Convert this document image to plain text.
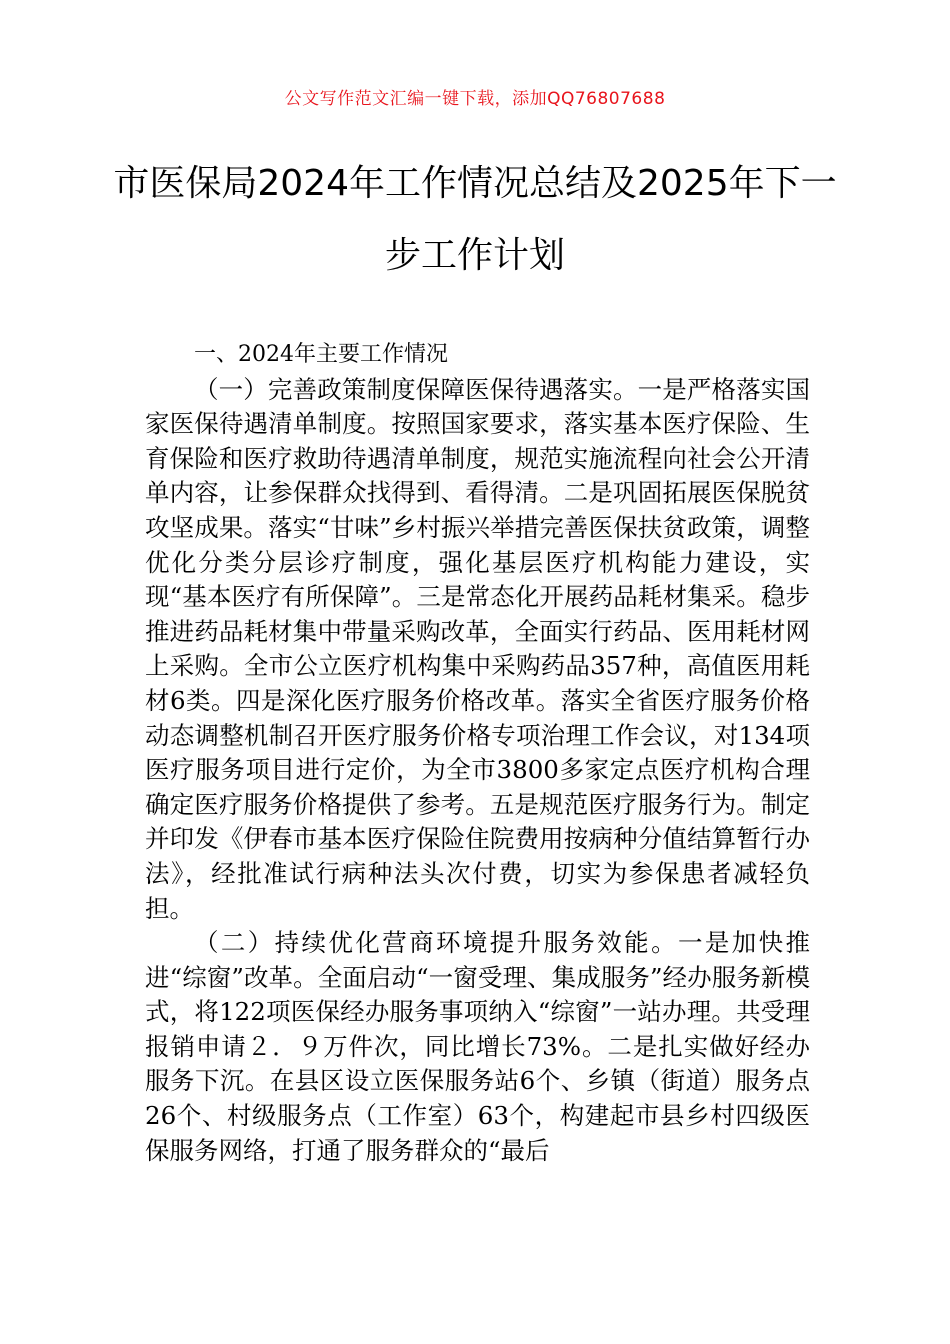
公文写作范文汇编一键下载，添加QQ76807688
市医保局2024年工作情况总结及2025年下一步工作计划

一、2024年主要工作情况

（一）完善政策制度保障医保待遇落实。一是严格落实国家医保待遇清单制度。按照国家要求，落实基本医疗保险、生育保险和医疗救助待遇清单制度，规范实施流程向社会公开清单内容，让参保群众找得到、看得清。二是巩固拓展医保脱贫攻坚成果。落实“甘味”乡村振兴举措完善医保扶贫政策，调整优化分类分层诊疗制度，强化基层医疗机构能力建设，实现“基本医疗有所保障”。三是常态化开展药品耗材集采。稳步推进药品耗材集中带量采购改革，全面实行药品、医用耗材网上采购。全市公立医疗机构集中采购药品357种，高值医用耗材6类。四是深化医疗服务价格改革。落实全省医疗服务价格动态调整机制召开医疗服务价格专项治理工作会议，对134项医疗服务项目进行定价，为全市3800多家定点医疗机构合理确定医疗服务价格提供了参考。五是规范医疗服务行为。制定并印发《伊春市基本医疗保险住院费用按病种分值结算暂行办法》，经批准试行病种法头次付费，切实为参保患者减轻负担。

（二）持续优化营商环境提升服务效能。一是加快推进“综窗”改革。全面启动“一窗受理、集成服务”经办服务新模式，将122项医保经办服务事项纳入“综窗”一站办理。共受理报销申请２．９万件次，同比增长73%。二是扎实做好经办服务下沉。在县区设立医保服务站6个、乡镇（街道）服务点26个、村级服务点（工作室）63个，构建起市县乡村四级医保服务网络，打通了服务群众的“最后
